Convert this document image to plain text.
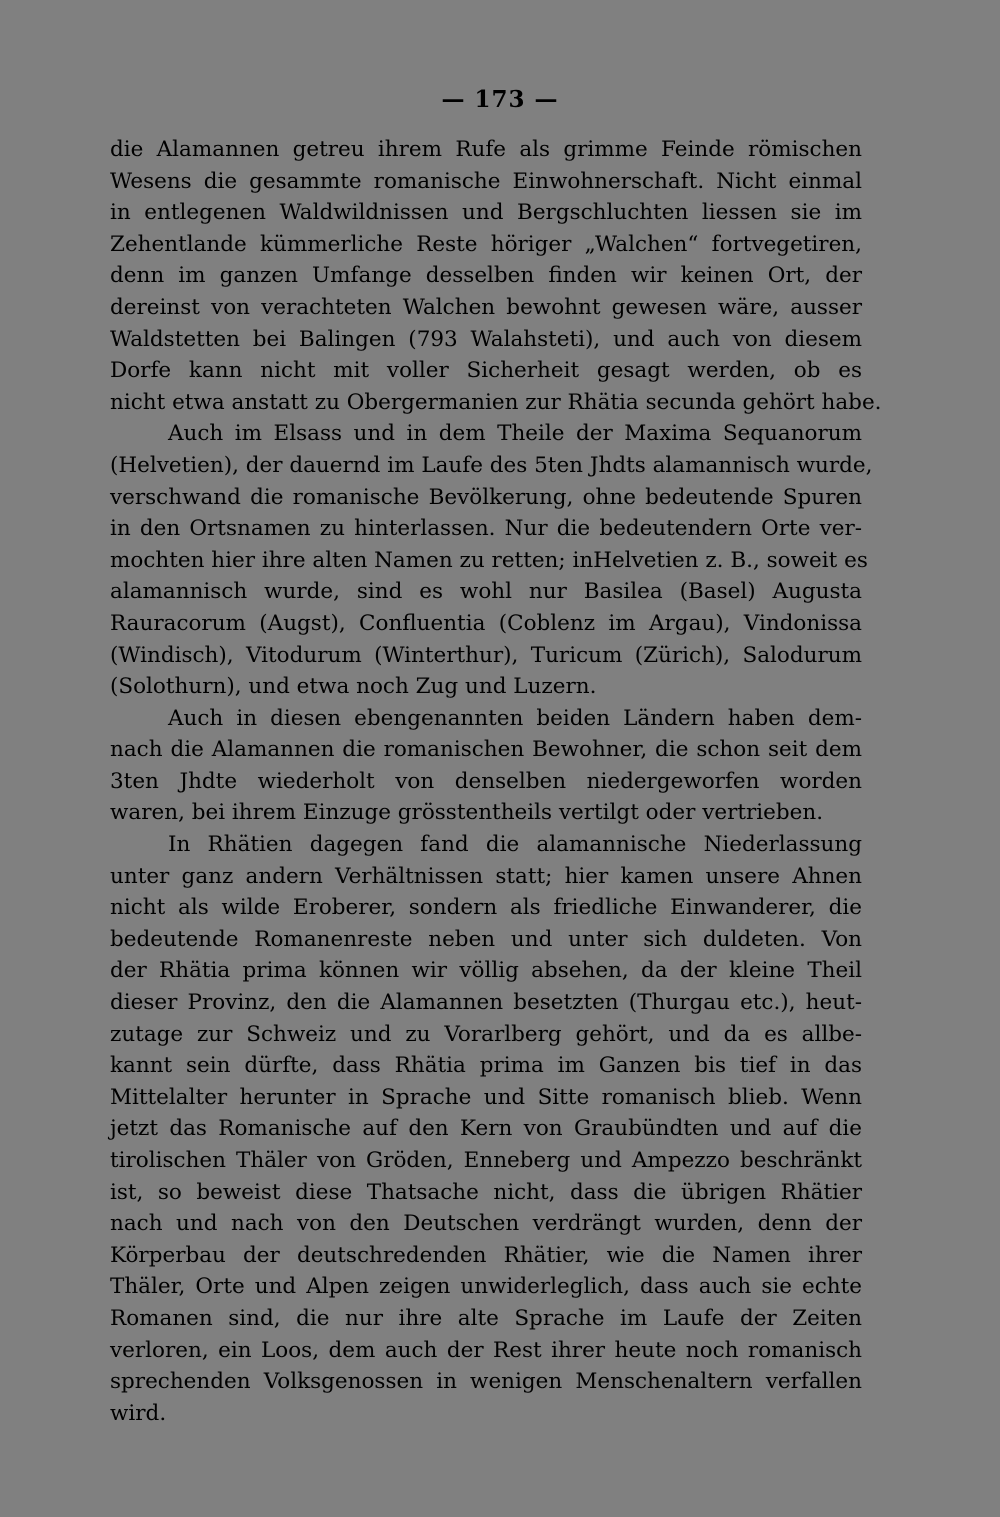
— 173 —
die Alamannen getreu ihrem Rufe als grimme Feinde römischen
Wesens die gesammte romanische Einwohnerschaft. Nicht einmal
in entlegenen Waldwildnissen und Bergschluchten liessen sie im
Zehentlande kümmerliche Reste höriger „Walchen“ fortvegetiren,
denn im ganzen Umfange desselben finden wir keinen Ort, der
dereinst von verachteten Walchen bewohnt gewesen wäre, ausser
Waldstetten bei Balingen (793 Walahsteti), und auch von diesem
Dorfe kann nicht mit voller Sicherheit gesagt werden, ob es
nicht etwa anstatt zu Obergermanien zur Rhätia secunda gehört habe.
Auch im Elsass und in dem Theile der Maxima Sequanorum
(Helvetien), der dauernd im Laufe des 5ten Jhdts alamannisch wurde,
verschwand die romanische Bevölkerung, ohne bedeutende Spuren
in den Ortsnamen zu hinterlassen. Nur die bedeutendern Orte ver-
mochten hier ihre alten Namen zu retten; inHelvetien z. B., soweit es
alamannisch wurde, sind es wohl nur Basilea (Basel) Augusta
Rauracorum (Augst), Confluentia (Coblenz im Argau), Vindonissa
(Windisch), Vitodurum (Winterthur), Turicum (Zürich), Salodurum
(Solothurn), und etwa noch Zug und Luzern.
Auch in diesen ebengenannten beiden Ländern haben dem-
nach die Alamannen die romanischen Bewohner, die schon seit dem
3ten Jhdte wiederholt von denselben niedergeworfen worden
waren, bei ihrem Einzuge grösstentheils vertilgt oder vertrieben.
In Rhätien dagegen fand die alamannische Niederlassung
unter ganz andern Verhältnissen statt; hier kamen unsere Ahnen
nicht als wilde Eroberer, sondern als friedliche Einwanderer, die
bedeutende Romanenreste neben und unter sich duldeten. Von
der Rhätia prima können wir völlig absehen, da der kleine Theil
dieser Provinz, den die Alamannen besetzten (Thurgau etc.), heut-
zutage zur Schweiz und zu Vorarlberg gehört, und da es allbe-
kannt sein dürfte, dass Rhätia prima im Ganzen bis tief in das
Mittelalter herunter in Sprache und Sitte romanisch blieb. Wenn
jetzt das Romanische auf den Kern von Graubündten und auf die
tirolischen Thäler von Gröden, Enneberg und Ampezzo beschränkt
ist, so beweist diese Thatsache nicht, dass die übrigen Rhätier
nach und nach von den Deutschen verdrängt wurden, denn der
Körperbau der deutschredenden Rhätier, wie die Namen ihrer
Thäler, Orte und Alpen zeigen unwiderleglich, dass auch sie echte
Romanen sind, die nur ihre alte Sprache im Laufe der Zeiten
verloren, ein Loos, dem auch der Rest ihrer heute noch romanisch
sprechenden Volksgenossen in wenigen Menschenaltern verfallen
wird.
